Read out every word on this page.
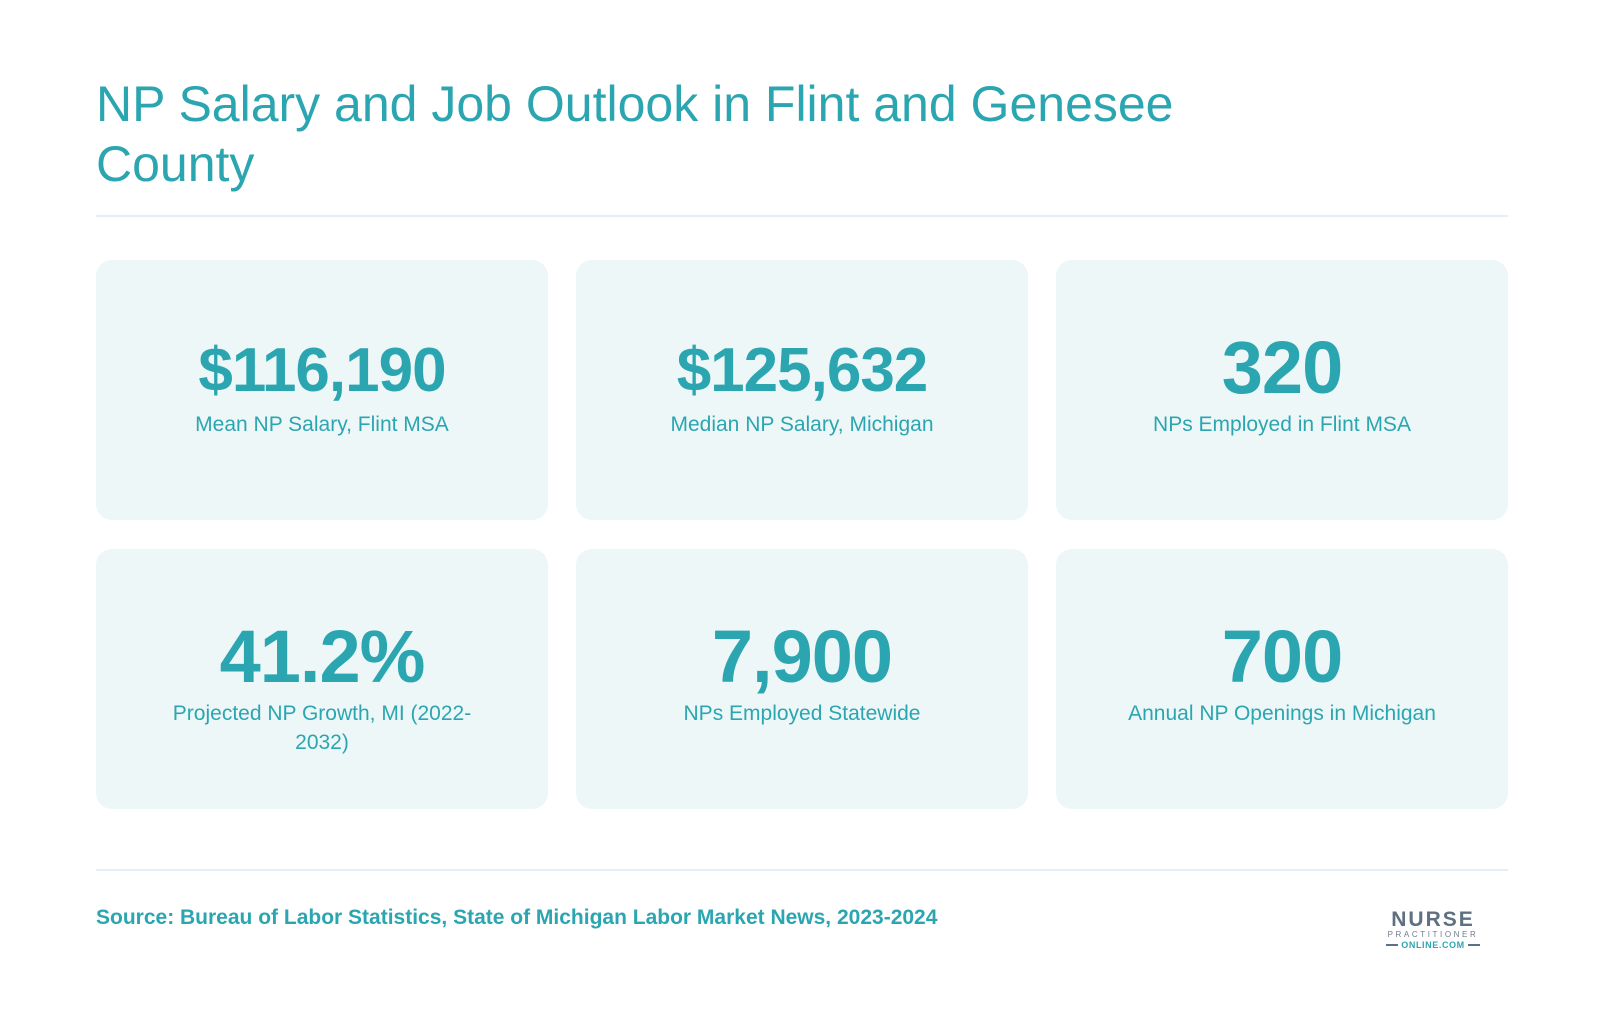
NP Salary and Job Outlook in Flint and Genesee County
$116,190
Mean NP Salary, Flint MSA
$125,632
Median NP Salary, Michigan
320
NPs Employed in Flint MSA
41.2%
Projected NP Growth, MI (2022-2032)
7,900
NPs Employed Statewide
700
Annual NP Openings in Michigan
Source: Bureau of Labor Statistics, State of Michigan Labor Market News, 2023-2024	NURSE
PRACTITIONER
ONLINE.COM
